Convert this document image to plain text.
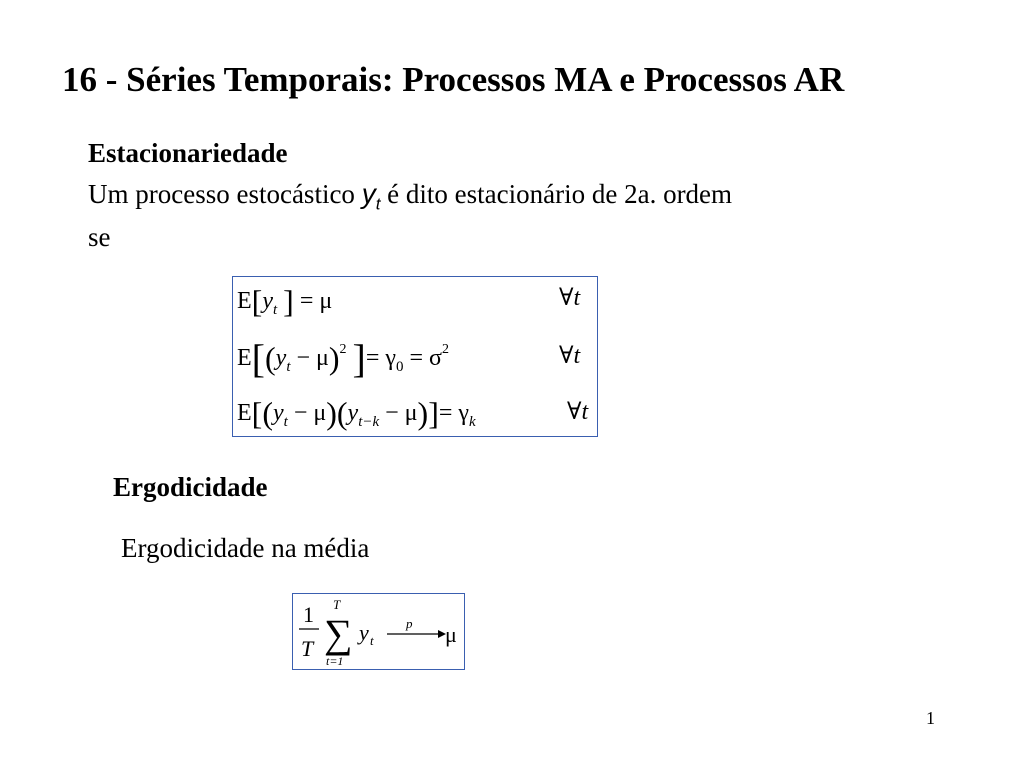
16 - Séries Temporais: Processos MA e Processos AR
Estacionariedade
Um processo estocástico $y_t$ é dito estacionário de 2a. ordem
se
$E[y_t$ ] = μ	∀t
$E[(y_t - \mu)^2$ ]= $\gamma_0 = \sigma^2$	∀t
$E[(y_t - \mu)(y_{t-k} - \mu)]= \gamma_k$	∀t
Ergodicidade
Ergodicidade na média
1
T
T
∑
t=1
y t
p μ
1
